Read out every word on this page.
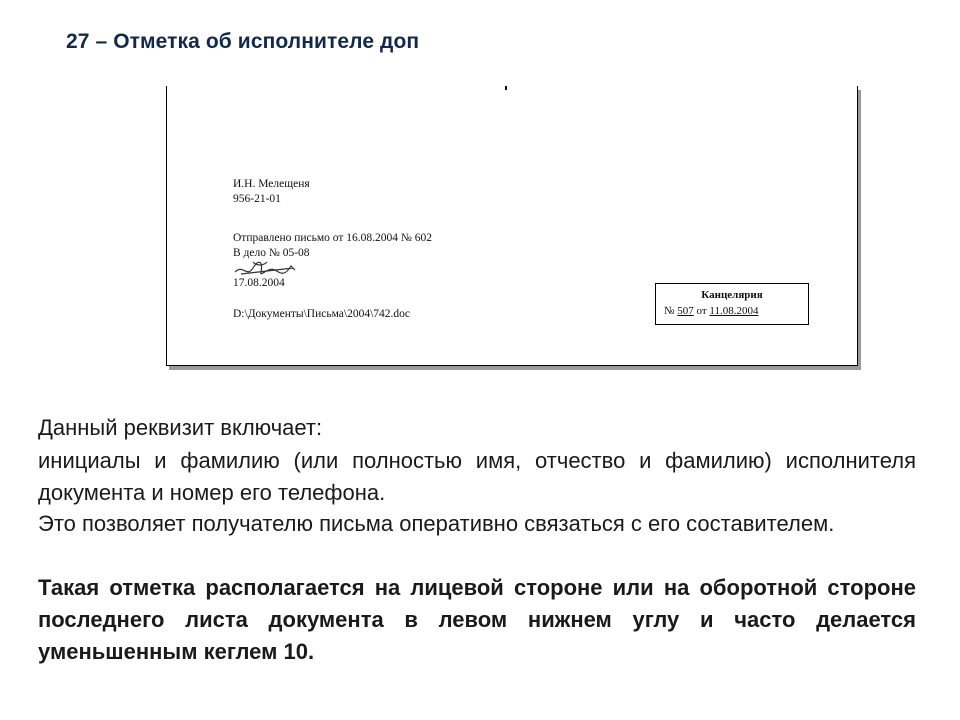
27 – Отметка об исполнителе доп
И.Н. Мелещеня
956-21-01
Отправлено письмо от 16.08.2004 № 602
В дело № 05-08
17.08.2004
D:\Документы\Письма\2004\742.doc
Канцелярия
№ 507 от 11.08.2004
Данный реквизит включает:
инициалы и фамилию (или полностью имя, отчество и фамилию) исполнителя документа и номер его телефона.
Это позволяет получателю письма оперативно связаться с его составителем.
Такая отметка располагается на лицевой стороне или на оборотной стороне последнего листа документа в левом нижнем углу и часто делается уменьшенным кеглем 10.
